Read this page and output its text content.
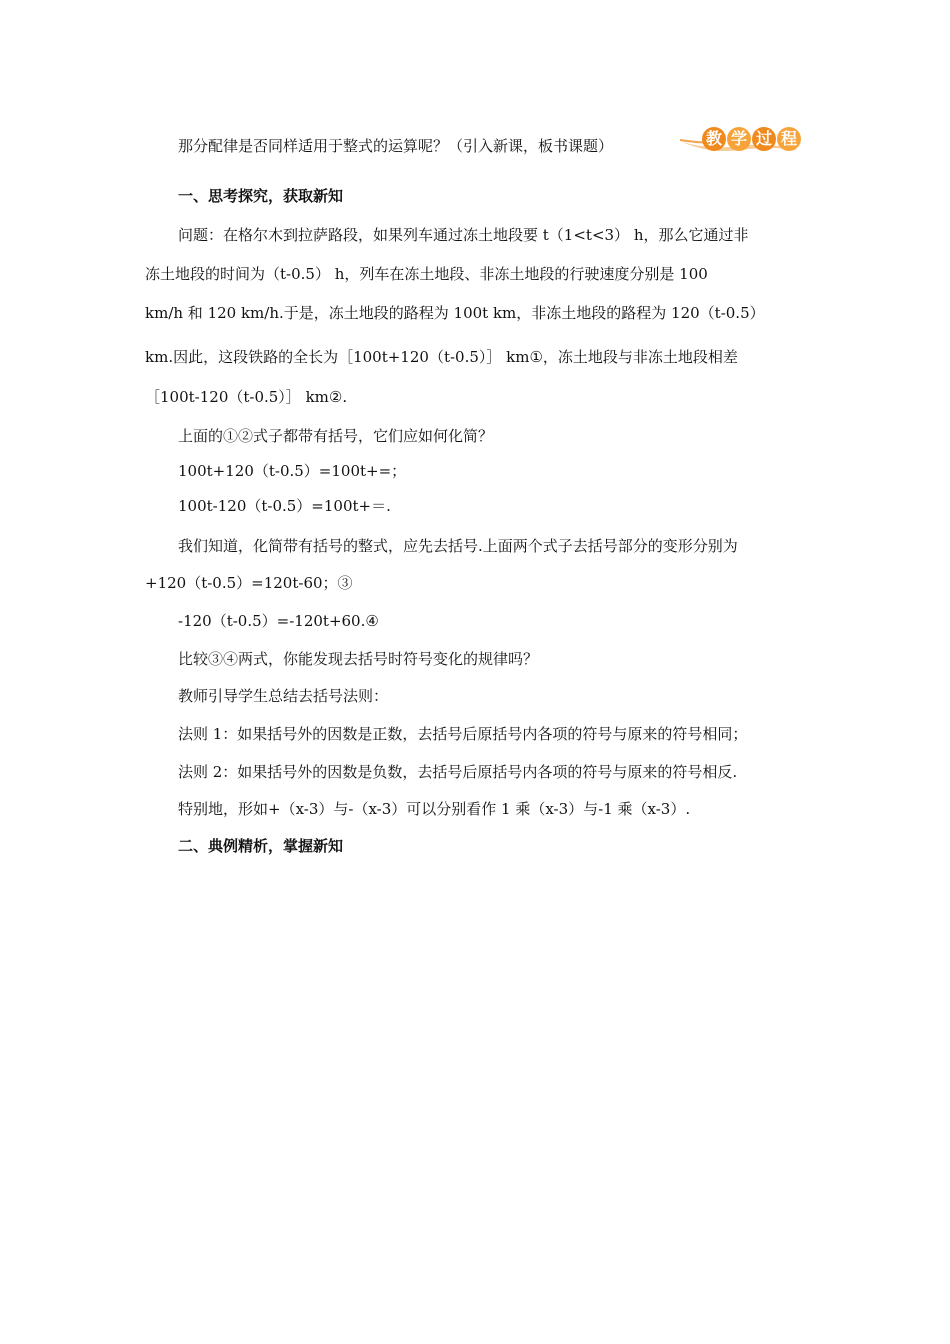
教 学 过 程
那分配律是否同样适用于整式的运算呢？（引入新课，板书课题）
一、思考探究，获取新知
问题：在格尔木到拉萨路段，如果列车通过冻土地段要 t（1<t<3） h，那么它通过非
冻土地段的时间为（t-0.5） h，列车在冻土地段、非冻土地段的行驶速度分别是 100
km/h 和 120 km/h.于是，冻土地段的路程为 100t km，非冻土地段的路程为 120（t-0.5）
km.因此，这段铁路的全长为［100t+120（t-0.5）］ km①，冻土地段与非冻土地段相差
［100t-120（t-0.5）］ km②.
上面的①②式子都带有括号，它们应如何化简？
100t+120（t-0.5）=100t+=；
100t-120（t-0.5）=100t+＝.
我们知道，化简带有括号的整式，应先去括号.上面两个式子去括号部分的变形分别为
+120（t-0.5）=120t-60；③
-120（t-0.5）=-120t+60.④
比较③④两式，你能发现去括号时符号变化的规律吗？
教师引导学生总结去括号法则：
法则 1：如果括号外的因数是正数，去括号后原括号内各项的符号与原来的符号相同；
法则 2：如果括号外的因数是负数，去括号后原括号内各项的符号与原来的符号相反.
特别地，形如+（x-3）与-（x-3）可以分别看作 1 乘（x-3）与-1 乘（x-3）.
二、典例精析，掌握新知
